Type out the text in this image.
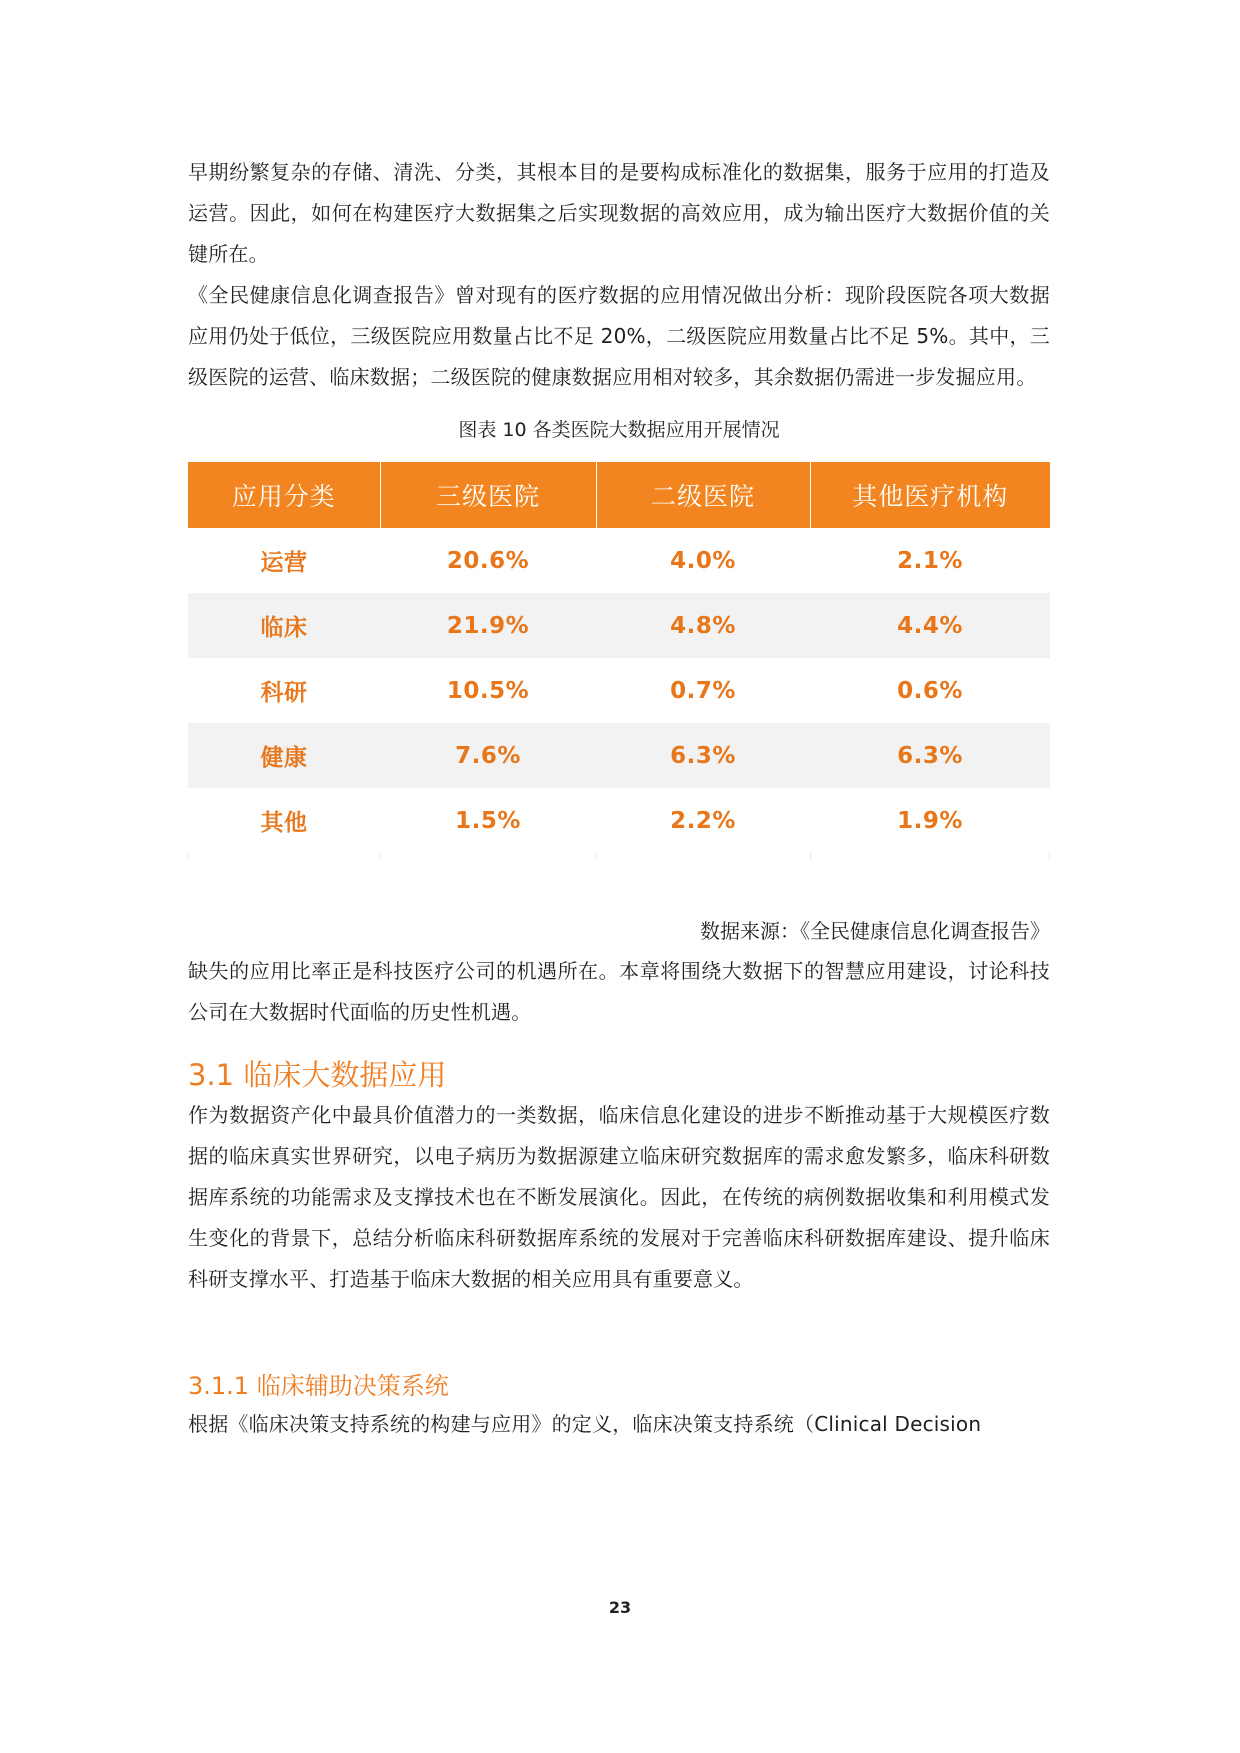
早期纷繁复杂的存储、清洗、分类，其根本目的是要构成标准化的数据集，服务于应用的打造及运营。因此，如何在构建医疗大数据集之后实现数据的高效应用，成为输出医疗大数据价值的关键所在。

《全民健康信息化调查报告》曾对现有的医疗数据的应用情况做出分析：现阶段医院各项大数据应用仍处于低位，三级医院应用数量占比不足 20%，二级医院应用数量占比不足 5%。其中，三级医院的运营、临床数据；二级医院的健康数据应用相对较多，其余数据仍需进一步发掘应用。

图表 10 各类医院大数据应用开展情况
应用分类	三级医院	二级医院	其他医疗机构
运营	20.6%	4.0%	2.1%
临床	21.9%	4.8%	4.4%
科研	10.5%	0.7%	0.6%
健康	7.6%	6.3%	6.3%
其他	1.5%	2.2%	1.9%
数据来源：《全民健康信息化调查报告》

缺失的应用比率正是科技医疗公司的机遇所在。本章将围绕大数据下的智慧应用建设，讨论科技公司在大数据时代面临的历史性机遇。

3.1 临床大数据应用

作为数据资产化中最具价值潜力的一类数据，临床信息化建设的进步不断推动基于大规模医疗数据的临床真实世界研究，以电子病历为数据源建立临床研究数据库的需求愈发繁多，临床科研数据库系统的功能需求及支撑技术也在不断发展演化。因此，在传统的病例数据收集和利用模式发生变化的背景下，总结分析临床科研数据库系统的发展对于完善临床科研数据库建设、提升临床科研支撑水平、打造基于临床大数据的相关应用具有重要意义。

3.1.1 临床辅助决策系统

根据《临床决策支持系统的构建与应用》的定义，临床决策支持系统（Clinical Decision

23
